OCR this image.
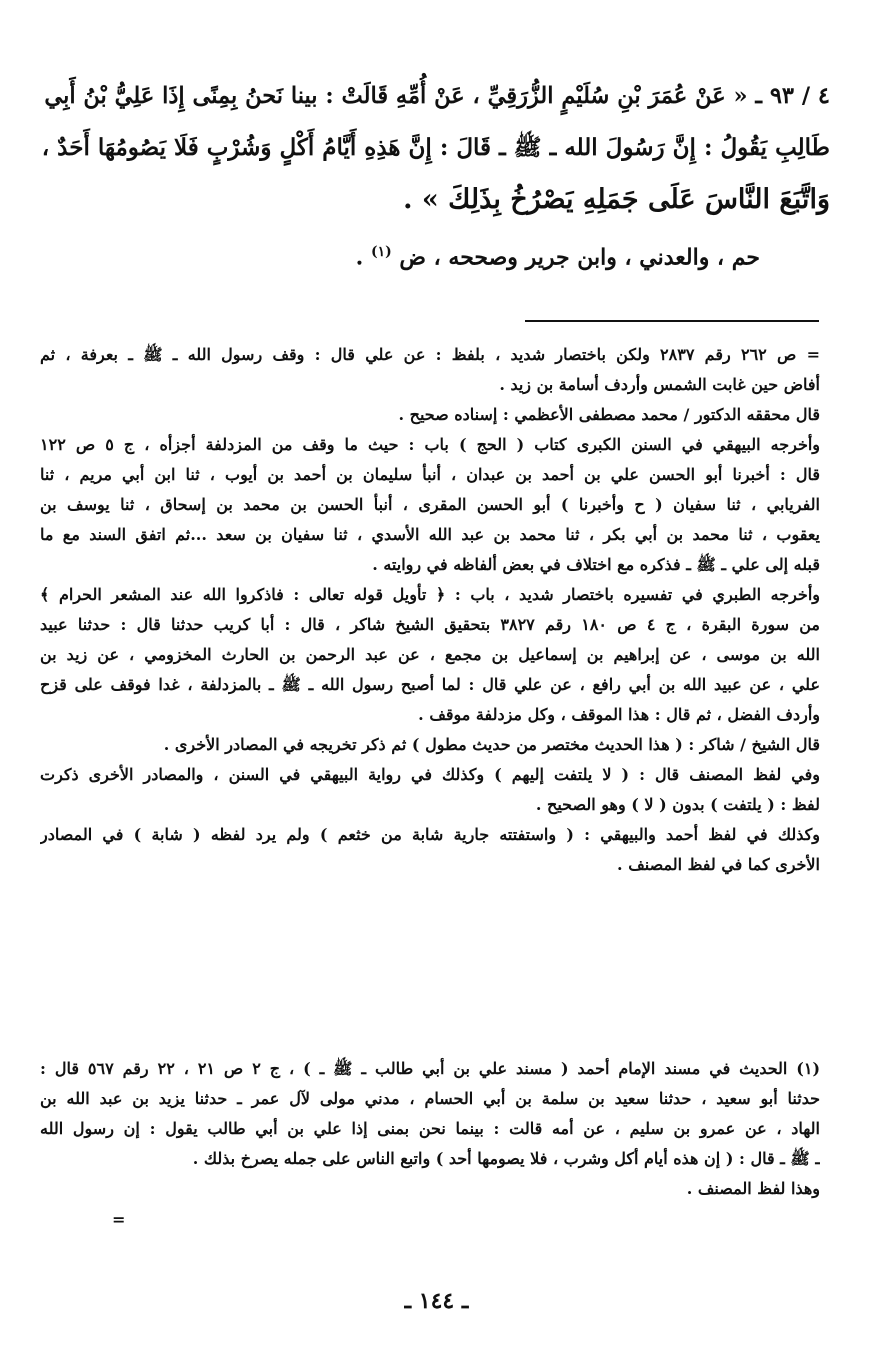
٤ / ٩٣ ـ « عَنْ عُمَرَ بْنِ سُلَيْمٍ الزُّرَقِيِّ ، عَنْ أُمِّهِ قَالَتْ : بينا نَحنُ بِمِنًى إِذَا عَلِيُّ بْنُ أَبِي
طَالِبِ يَقُولُ : إِنَّ رَسُولَ الله ـ ﷺ ـ قَالَ : إِنَّ هَذِهِ أَيَّامُ أَكْلٍ وَشُرْبٍ فَلَا يَصُومُهَا أَحَدٌ ،
وَاتَّبَعَ النَّاسَ عَلَى جَمَلِهِ يَصْرُخُ بِذَلِكَ » .
حم ، والعدني ، وابن جرير وصححه ، ض $^{(١)}$ .
= ص ٢٦٢ رقم ٢٨٣٧ ولكن باختصار شديد ، بلفظ : عن علي قال : وقف رسول الله ـ ﷺ ـ بعرفة ، ثم
أفاض حين غابت الشمس وأردف أسامة بن زيد .
قال محققه الدكتور / محمد مصطفى الأعظمي : إسناده صحيح .
وأخرجه البيهقي في السنن الكبرى كتاب ( الحج ) باب : حيث ما وقف من المزدلفة أجزأه ، ج ٥ ص ١٢٢
قال : أخبرنا أبو الحسن علي بن أحمد بن عبدان ، أنبأ سليمان بن أحمد بن أيوب ، ثنا ابن أبي مريم ، ثنا
الفريابي ، ثنا سفيان ( ح وأخبرنا ) أبو الحسن المقرى ، أنبأ الحسن بن محمد بن إسحاق ، ثنا يوسف بن
يعقوب ، ثنا محمد بن أبي بكر ، ثنا محمد بن عبد الله الأسدي ، ثنا سفيان بن سعد ...ثم اتفق السند مع ما
قبله إلى علي ـ ﷺ ـ فذكره مع اختلاف في بعض ألفاظه في روايته .
وأخرجه الطبري في تفسيره باختصار شديد ، باب : ﴿ تأويل قوله تعالى : فاذكروا الله عند المشعر الحرام ﴾
من سورة البقرة ، ج ٤ ص ١٨٠ رقم ٣٨٢٧ بتحقيق الشيخ شاكر ، قال : أبا كريب حدثنا قال : حدثنا عبيد
الله بن موسى ، عن إبراهيم بن إسماعيل بن مجمع ، عن عبد الرحمن بن الحارث المخزومي ، عن زيد بن
علي ، عن عبيد الله بن أبي رافع ، عن علي قال : لما أصبح رسول الله ـ ﷺ ـ بالمزدلفة ، غدا فوقف على قزح
وأردف الفضل ، ثم قال : هذا الموقف ، وكل مزدلفة موقف .
قال الشيخ / شاكر : ( هذا الحديث مختصر من حديث مطول ) ثم ذكر تخريجه في المصادر الأخرى .
وفي لفظ المصنف قال : ( لا يلتفت إليهم ) وكذلك في رواية البيهقي في السنن ، والمصادر الأخرى ذكرت
لفظ : ( يلتفت ) بدون ( لا ) وهو الصحيح .
وكذلك في لفظ أحمد والبيهقي : ( واستفتته جارية شابة من خثعم ) ولم يرد لفظه ( شابة ) في المصادر
الأخرى كما في لفظ المصنف .
(١) الحديث في مسند الإمام أحمد ( مسند علي بن أبي طالب ـ ﷺ ـ ) ، ج ٢ ص ٢١ ، ٢٢ رقم ٥٦٧ قال :
حدثنا أبو سعيد ، حدثنا سعيد بن سلمة بن أبي الحسام ، مدني مولى لآل عمر ـ حدثنا يزيد بن عبد الله بن
الهاد ، عن عمرو بن سليم ، عن أمه قالت : بينما نحن بمنى إذا علي بن أبي طالب يقول : إن رسول الله
ـ ﷺ ـ قال : ( إن هذه أيام أكل وشرب ، فلا يصومها أحد ) واتبع الناس على جمله يصرخ بذلك .
وهذا لفظ المصنف .
=
ـ ١٤٤ ـ
